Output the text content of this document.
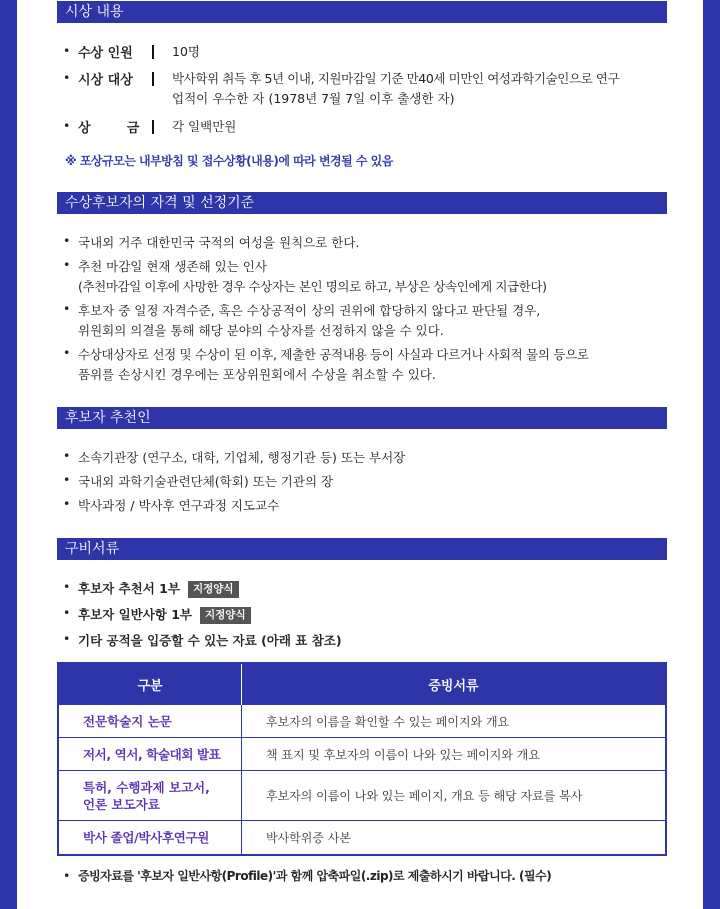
시상 내용
• 수상 인원	10명
• 시상 대상	박사학위 취득 후 5년 이내, 지원마감일 기준 만40세 미만인 여성과학기술인으로 연구
업적이 우수한 자 (1978년 7월 7일 이후 출생한 자)
• 상        금	각 일백만원
※ 포상규모는 내부방침 및 접수상황(내용)에 따라 변경될 수 있음
수상후보자의 자격 및 선정기준
• 국내외 거주 대한민국 국적의 여성을 원칙으로 한다.
• 추천 마감일 현재 생존해 있는 인사
(추천마감일 이후에 사망한 경우 수상자는 본인 명의로 하고, 부상은 상속인에게 지급한다)
• 후보자 중 일정 자격수준, 혹은 수상공적이 상의 권위에 합당하지 않다고 판단될 경우,
위원회의 의결을 통해 해당 분야의 수상자를 선정하지 않을 수 있다.
• 수상대상자로 선정 및 수상이 된 이후, 제출한 공적내용 등이 사실과 다르거나 사회적 물의 등으로
품위를 손상시킨 경우에는 포상위원회에서 수상을 취소할 수 있다.
후보자 추천인
• 소속기관장 (연구소, 대학, 기업체, 행정기관 등) 또는 부서장
• 국내외 과학기술관련단체(학회) 또는 기관의 장
• 박사과정 / 박사후 연구과정 지도교수
구비서류
• 후보자 추천서 1부 지정양식
• 후보자 일반사항 1부 지정양식
• 기타 공적을 입증할 수 있는 자료 (아래 표 참조)
구분	증빙서류
전문학술지 논문	후보자의 이름을 확인할 수 있는 페이지와 개요
저서, 역서, 학술대회 발표	책 표지 및 후보자의 이름이 나와 있는 페이지와 개요

특허, 수행과제 보고서,
언론 보도자료	후보자의 이름이 나와 있는 페이지, 개요 등 해당 자료를 복사
박사 졸업/박사후연구원	박사학위증 사본
• 증빙자료를 '후보자 일반사항(Profile)'과 함께 압축파일(.zip)로 제출하시기 바랍니다. (필수)
